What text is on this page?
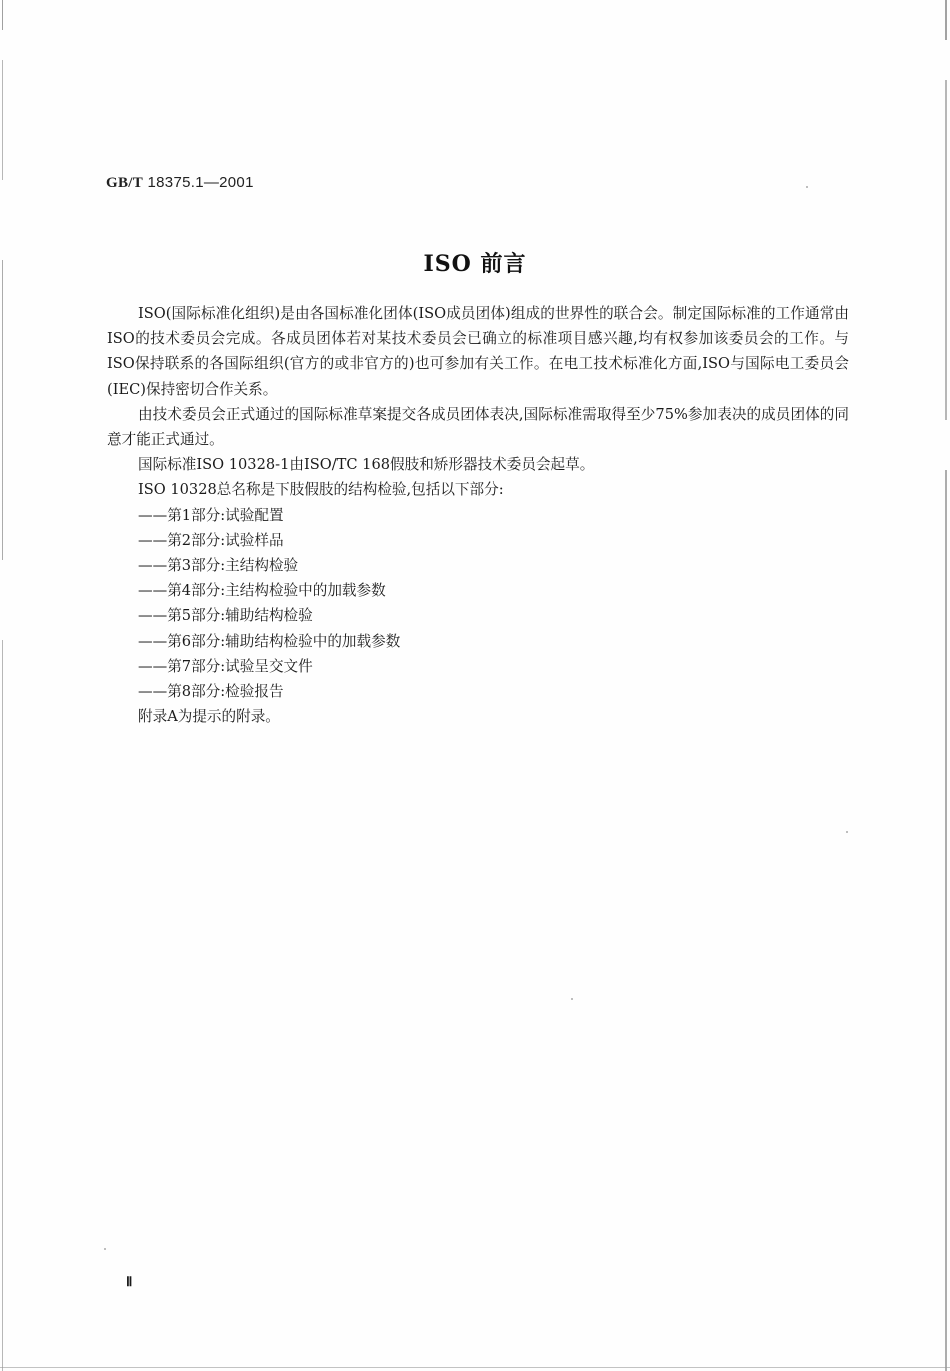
GB/T 18375.1—2001
ISO 前言

ISO(国际标准化组织)是由各国标准化团体(ISO成员团体)组成的世界性的联合会。制定国际标准的工作通常由ISO的技术委员会完成。各成员团体若对某技术委员会已确立的标准项目感兴趣,均有权参加该委员会的工作。与ISO保持联系的各国际组织(官方的或非官方的)也可参加有关工作。在电工技术标准化方面,ISO与国际电工委员会(IEC)保持密切合作关系。

由技术委员会正式通过的国际标准草案提交各成员团体表决,国际标准需取得至少75%参加表决的成员团体的同意才能正式通过。

国际标准ISO 10328-1由ISO/TC 168假肢和矫形器技术委员会起草。

ISO 10328总名称是下肢假肢的结构检验,包括以下部分:

——第1部分:试验配置
——第2部分:试验样品
——第3部分:主结构检验
——第4部分:主结构检验中的加载参数
——第5部分:辅助结构检验
——第6部分:辅助结构检验中的加载参数
——第7部分:试验呈交文件
——第8部分:检验报告

附录A为提示的附录。

Ⅱ
